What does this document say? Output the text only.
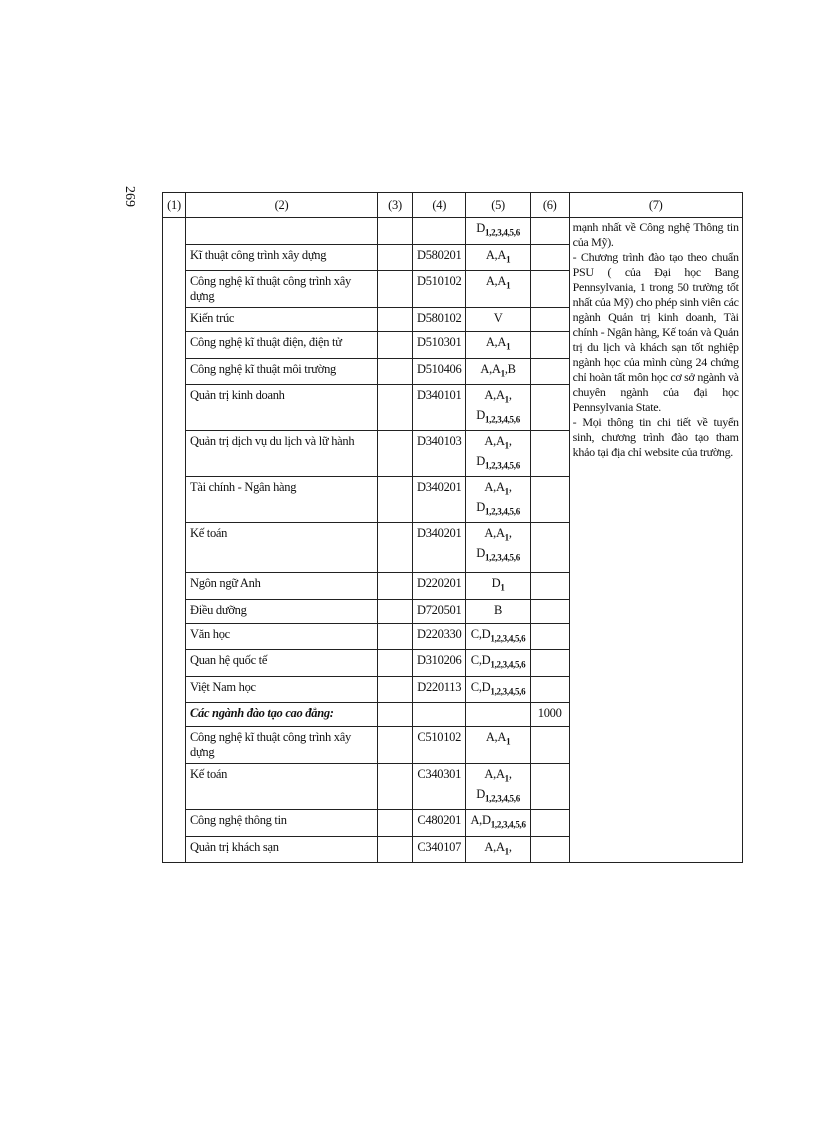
269 (1)	(2)	(3)	(4)	(5)	(6)	(7)
				$D_{1,2,3,4,5,6}$		mạnh nhất về Công nghệ Thông tin của Mỹ).
- Chương trình đào tạo theo chuẩn PSU ( của Đại học Bang Pennsylvania, 1 trong 50 trường tốt nhất của Mỹ) cho phép sinh viên các ngành Quản trị kinh doanh, Tài chính - Ngân hàng, Kế toán và Quản trị du lịch và khách sạn tốt nghiệp ngành học của mình cùng 24 chứng chỉ hoàn tất môn học cơ sở ngành và chuyên ngành của đại học Pennsylvania State.
- Mọi thông tin chi tiết về tuyển sinh, chương trình đào tạo tham khảo tại địa chỉ website của trường.

	Kĩ thuật công trình xây dựng		D580201	$A,A_1$	
	Công nghệ kĩ thuật công trình xây dựng		D510102	$A,A_1$	
	Kiến trúc		D580102	V		
	Công nghệ kĩ thuật điện, điện tử		D510301	$A,A_1$	
	Công nghệ kĩ thuật môi trường		D510406	$A,A_1,B$		
	Quản trị kinh doanh		D340101	$A,A_1$,
$D_{1,2,3,4,5,6}$	
	Quản trị dịch vụ du lịch và lữ hành		D340103	$A,A_1$,
$D_{1,2,3,4,5,6}$	
	Tài chính - Ngân hàng		D340201	$A,A_1$,
$D_{1,2,3,4,5,6}$	
	Kế toán		D340201	$A,A_1$,
$D_{1,2,3,4,5,6}$	
	Ngôn ngữ Anh		D220201	$D_1$	
	Điều dưỡng		D720501	B		
	Văn học		D220330	$C,D_{1,2,3,4,5,6}$	
	Quan hệ quốc tế		D310206	$C,D_{1,2,3,4,5,6}$	
	Việt Nam học		D220113	$C,D_{1,2,3,4,5,6}$	
	Các ngành đào tạo cao đẳng:				1000	
	Công nghệ kĩ thuật công trình xây dựng		C510102	$A,A_1$	
	Kế toán		C340301	$A,A_1$,
$D_{1,2,3,4,5,6}$	
	Công nghệ thông tin		C480201	$A,D_{1,2,3,4,5,6}$	
	Quản trị khách sạn		C340107	$A,A_1$,		
